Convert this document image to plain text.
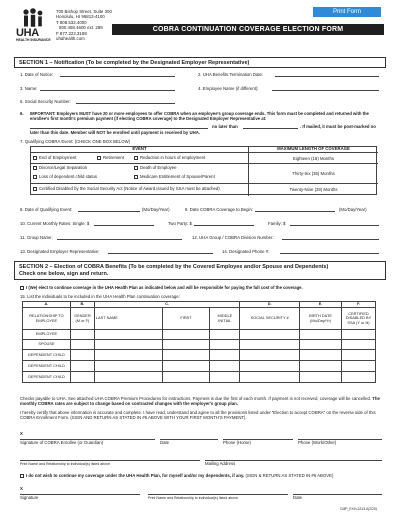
UHA
HEALTH INSURANCE
700 Bishop Street, Suite 300
Honolulu, HI 96813-4100
T 808.532.4000
800.458.4600 ext. 289
F 877.222.3188
uhahealth.com
Print Form
COBRA CONTINUATION COVERAGE ELECTION FORM
SECTION 1 – Notification (To be completed by the Designated Employer Representative)
1. Date of Notice:	2. UHA Benefits Termination Date:
3. Name:	4. Employee Name (if different):
5. Social Security Number:
6. IMPORTANT: Employers MUST have 20 or more employees to offer COBRA when an employee's group coverage ends. This form must be completed and returned with the enrollee's first month's premium payment (if electing COBRA coverage) to the Designated Employer Representative at:
no later than	. If mailed, it must be post-marked no
later than this date. Member will NOT be enrolled until payment is received by UHA.
7. Qualifying COBRA Event: (CHECK ONE BOX BELOW)
EVENT	MAXIMUM LENGTH OF COVERAGE
End of Employment	Retirement	Reduction in hours of employment	Eighteen (18) Months
Divorce/Legal Separation	Death of Employee
Loss of dependent child status	Medicare Entitlement of Spouse/Parent
Thirty-Six (36) Months
Certified Disabled by the Social Security Act (Notice of Award issued by SSA must be attached)	Twenty-Nine (29) Months
8. Date of Qualifying Event:	(Mo/Day/Year)	9. Date COBRA Coverage to Begin:	(Mo/Day/Year)
10. Current Monthly Rates: Single: $	Two Party: $	Family: $
11. Group Name:	12. UHA Group / COBRA Division Number:
13. Designated Employer Representative:	14. Designated Phone #:
SECTION 2 – Election of COBRA Benefits (To be completed by the Covered Employee and/or Spouse and Dependents)
Check one below, sign and return.
I (We) elect to continue coverage in the UHA Health Plan as indicated below and will be responsible for paying the full cost of the coverage.
15. List the individuals to be included in the UHA Health Plan continuation coverage:
A.	B.	C.			D.	E.	F.
RELATIONSHIP TO EMPLOYEE	GENDER (M or F)	LAST NAME	FIRST	MIDDLE INITIAL	SOCIAL SECURITY #	BIRTH DATE (Mo/Day/Yr)	CERTIFIED DISABLED BY SSA (Y or N)
EMPLOYEE							
SPOUSE							
DEPENDENT CHILD							
DEPENDENT CHILD							
DEPENDENT CHILD							
Checks payable to UHA. See attached UHA COBRA Premium Procedures for instructions. Payment is due the first of each month. If payment is not received, coverage will be cancelled. The monthly COBRA rates are subject to change based on contracted changes with the employer's group plan.
I hereby certify that above information is accurate and complete. I have read, understand and agree to all the provisions listed under "Election to accept COBRA" on the reverse side of this COBRA Enrollment Form. (SIGN AND RETURN AS STATED IN #6 ABOVE WITH YOUR FIRST MONTH'S PAYMENT).
X
Signature of COBRA Enrollee (or Guardian)	Date	Phone (Home)	Phone (Work/Other)
Print Name and Relationship to individual(s) listed above	Mailing Address
I do not wish to continue my coverage under the UHA Health Plan, for myself and/or my dependents, if any. (SIGN & RETURN AS STATED IN #6 ABOVE)
X
Signature	Print Name and Relationship to individual(s) listed above	Date
CMP_EXH-2213-0(2/20)
